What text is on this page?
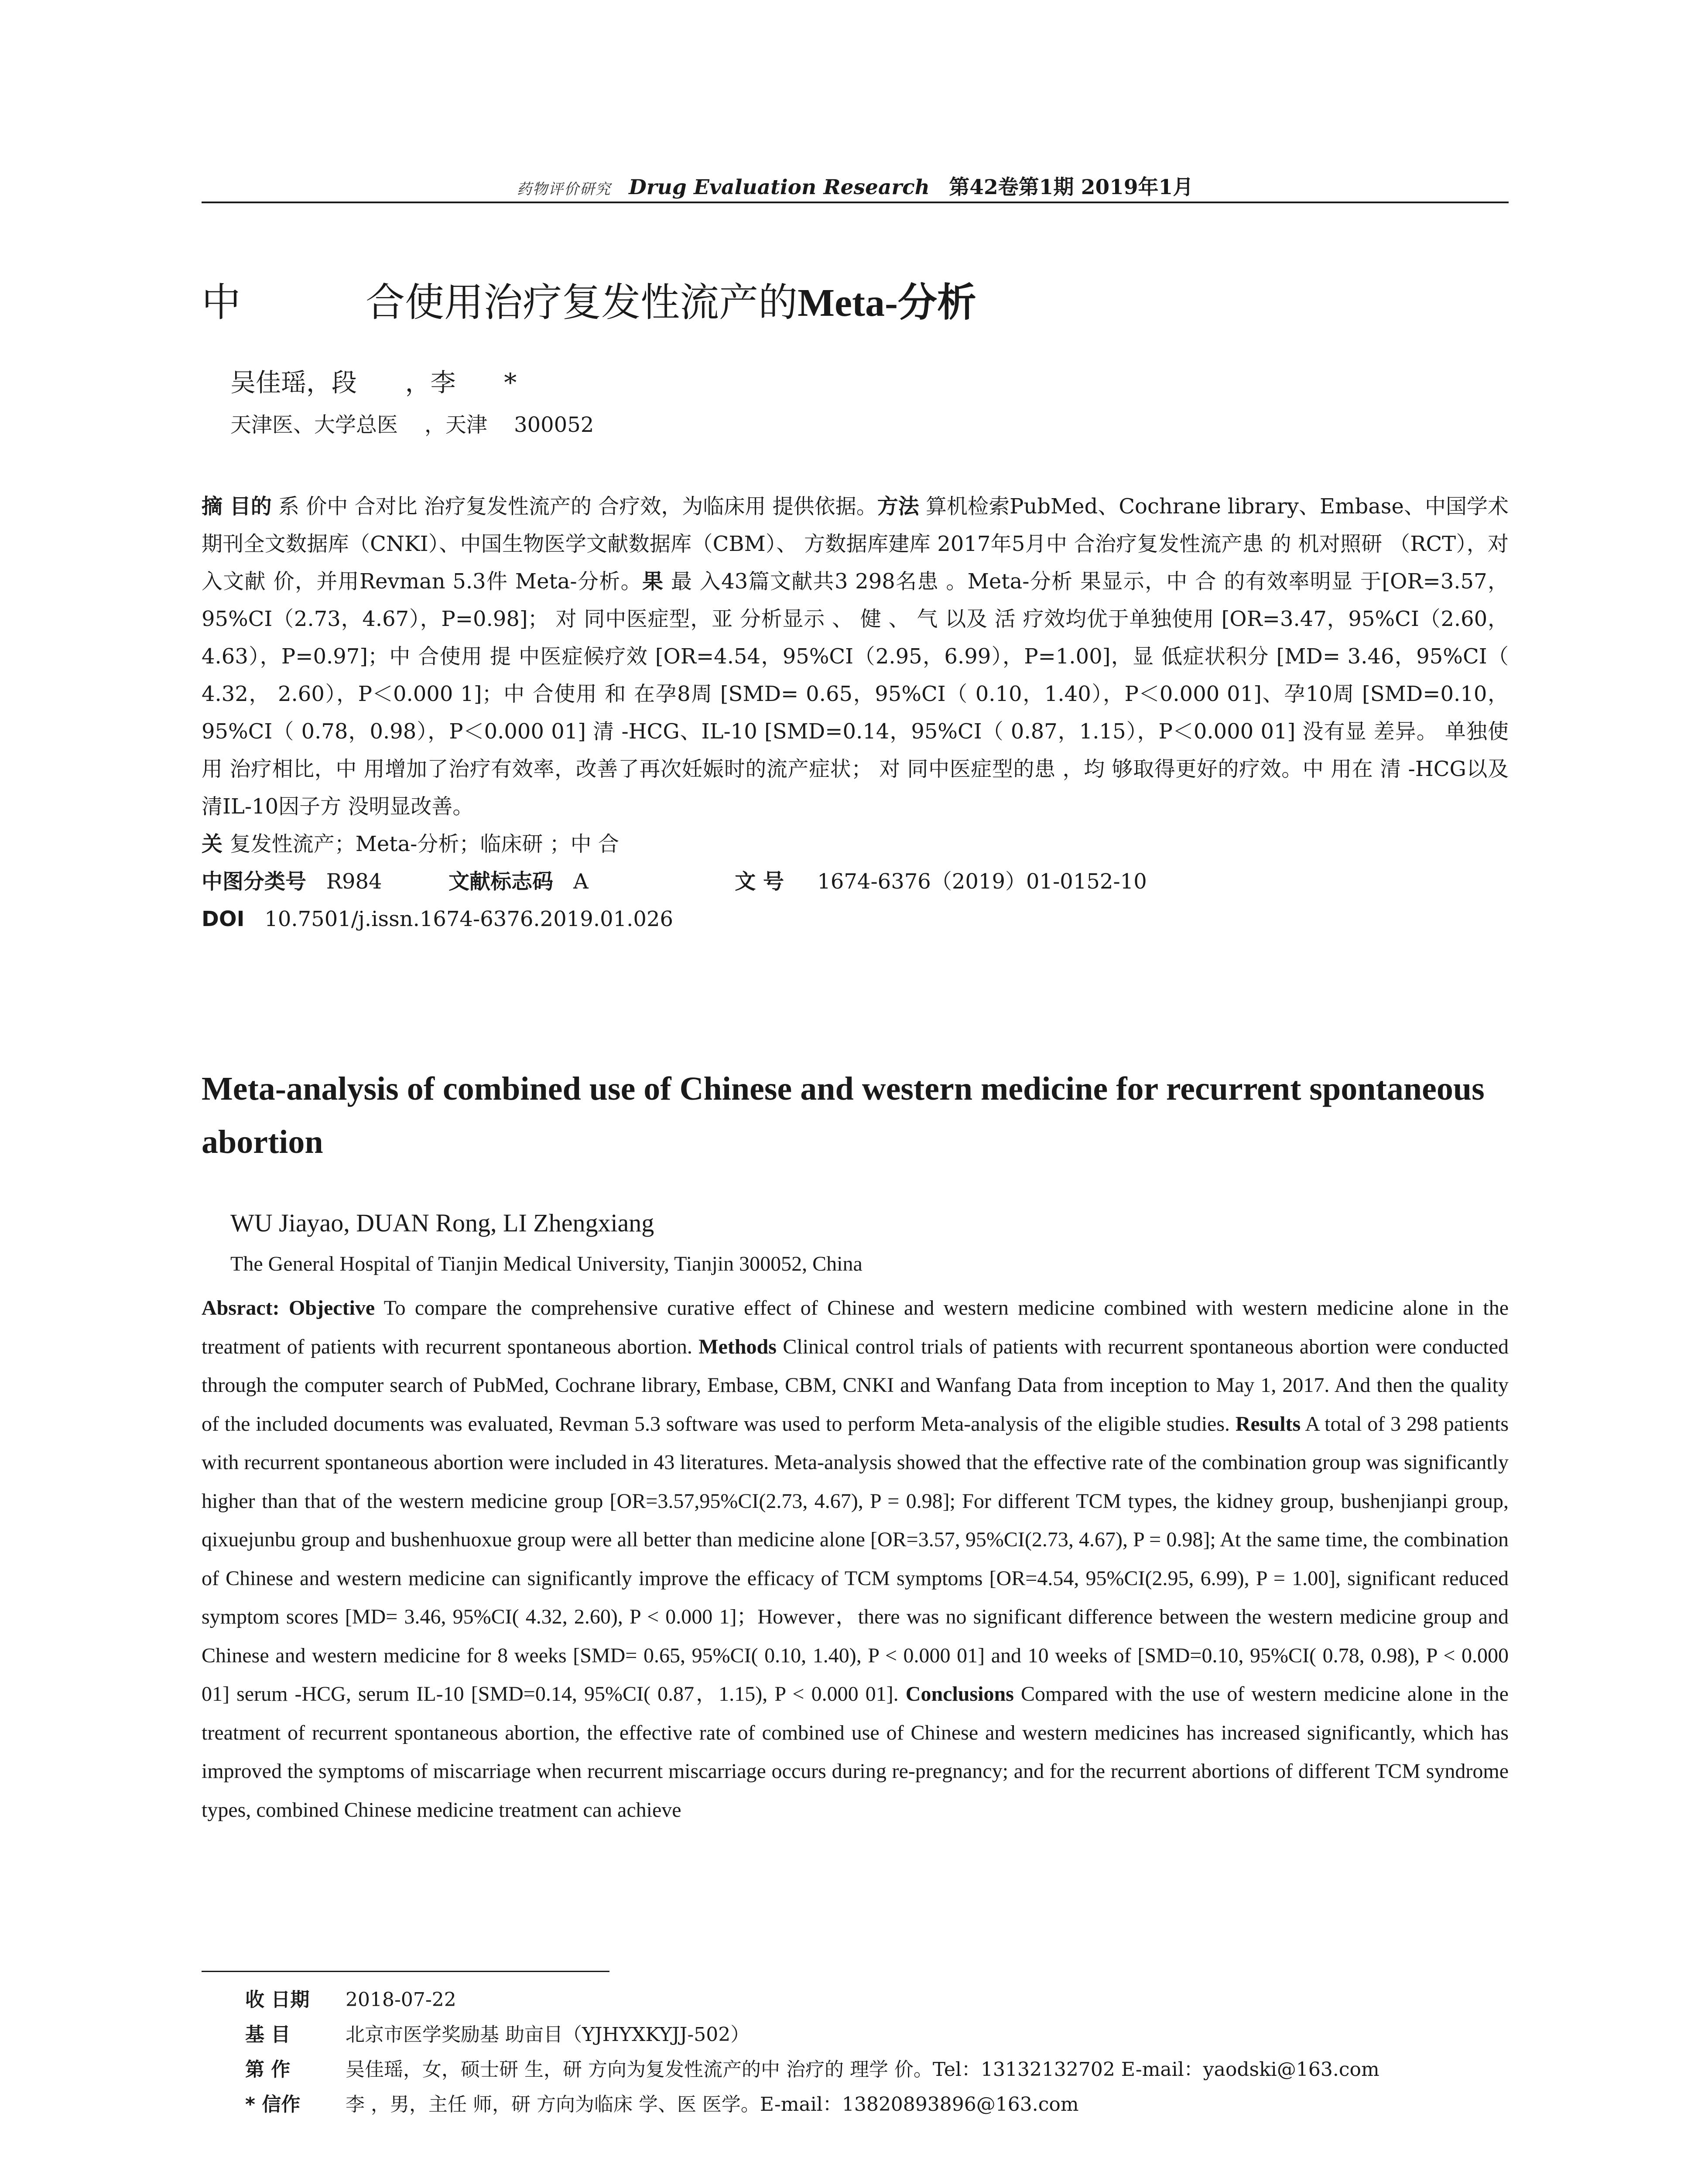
药物评价研究 Drug Evaluation Research 第42卷第1期 2019年1月
中          合使用治疗复发性流产的Meta-分析
吴佳瑶，段      ，李      *
天津医、大学总医    ，天津    300052

摘 目的 系 价中 合对比 治疗复发性流产的 合疗效，为临床用 提供依据。方法 算机检索PubMed、Cochrane library、Embase、中国学术期刊全文数据库（CNKI）、中国生物医学文献数据库（CBM）、 方数据库建库 2017年5月中 合治疗复发性流产患 的 机对照研 （RCT），对 入文献 价，并用Revman 5.3件 Meta-分析。果 最 入43篇文献共3 298名患 。Meta-分析 果显示，中 合 的有效率明显 于[OR=3.57，95%CI（2.73，4.67），P=0.98]； 对 同中医症型，亚 分析显示 、 健 、 气 以及 活 疗效均优于单独使用 [OR=3.47，95%CI（2.60，4.63），P=0.97]；中 合使用 提 中医症候疗效 [OR=4.54，95%CI（2.95，6.99），P=1.00]，显 低症状积分 [MD= 3.46，95%CI（ 4.32， 2.60），P＜0.000 1]；中 合使用 和 在孕8周 [SMD= 0.65，95%CI（ 0.10，1.40），P＜0.000 01]、孕10周 [SMD=0.10，95%CI（ 0.78，0.98），P＜0.000 01] 清 -HCG、IL-10 [SMD=0.14，95%CI（ 0.87，1.15），P＜0.000 01] 没有显 差异。 单独使用 治疗相比，中 用增加了治疗有效率，改善了再次妊娠时的流产症状； 对 同中医症型的患 ，均 够取得更好的疗效。中 用在 清 -HCG以及 清IL-10因子方 没明显改善。

关 复发性流产；Meta-分析；临床研 ；中 合

中图分类号 R984	文献标志码 A	文 号 1674-6376（2019）01-0152-10

DOI 10.7501/j.issn.1674-6376.2019.01.026

Meta-analysis of combined use of Chinese and western medicine for recurrent spontaneous abortion
WU Jiayao, DUAN Rong, LI Zhengxiang
The General Hospital of Tianjin Medical University, Tianjin 300052, China
Absract: Objective To compare the comprehensive curative effect of Chinese and western medicine combined with western medicine alone in the treatment of patients with recurrent spontaneous abortion. Methods Clinical control trials of patients with recurrent spontaneous abortion were conducted through the computer search of PubMed, Cochrane library, Embase, CBM, CNKI and Wanfang Data from inception to May 1, 2017. And then the quality of the included documents was evaluated, Revman 5.3 software was used to perform Meta-analysis of the eligible studies. Results A total of 3 298 patients with recurrent spontaneous abortion were included in 43 literatures. Meta-analysis showed that the effective rate of the combination group was significantly higher than that of the western medicine group [OR=3.57,95%CI(2.73, 4.67), P = 0.98]; For different TCM types, the kidney group, bushenjianpi group, qixuejunbu group and bushenhuoxue group were all better than medicine alone [OR=3.57, 95%CI(2.73, 4.67), P = 0.98]; At the same time, the combination of Chinese and western medicine can significantly improve the efficacy of TCM symptoms [OR=4.54, 95%CI(2.95, 6.99), P = 1.00], significant reduced symptom scores [MD= 3.46, 95%CI( 4.32, 2.60), P < 0.000 1]；However，there was no significant difference between the western medicine group and Chinese and western medicine for 8 weeks [SMD= 0.65, 95%CI( 0.10, 1.40), P < 0.000 01] and 10 weeks of [SMD=0.10, 95%CI( 0.78, 0.98), P < 0.000 01] serum -HCG, serum IL-10 [SMD=0.14, 95%CI( 0.87，1.15), P < 0.000 01]. Conclusions Compared with the use of western medicine alone in the treatment of recurrent spontaneous abortion, the effective rate of combined use of Chinese and western medicines has increased significantly, which has improved the symptoms of miscarriage when recurrent miscarriage occurs during re-pregnancy; and for the recurrent abortions of different TCM syndrome types, combined Chinese medicine treatment can achieve
收 日期 2018-07-22
基 目	北京市医学奖励基 助亩目（YJHYXKYJJ-502）
第 作	吴佳瑶，女，硕士研 生，研 方向为复发性流产的中 治疗的 理学 价。Tel：13132132702 E-mail：yaodski@163.com
* 信作 李 ，男，主任 师，研 方向为临床 学、医 医学。E-mail：13820893896@163.com
